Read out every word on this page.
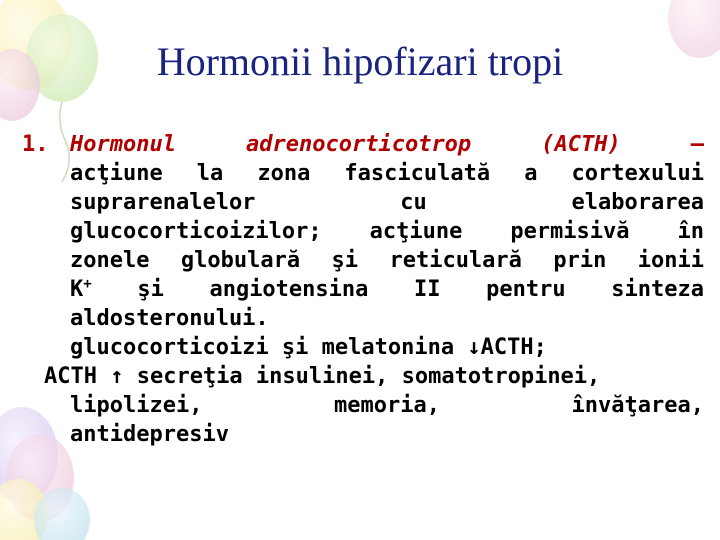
Hormonii hipofizari tropi
1. Hormonul adrenocorticotrop (ACTH)	–
acţiune la zona fasciculată a cortexului
suprarenalelor cu elaborarea
glucocorticoizilor; acţiune permisivă în
zonele globulară şi reticulară prin ionii
K+ şi angiotensina II pentru sinteza
aldosteronului.
glucocorticoizi şi melatonina ↓ACTH;
ACTH ↑ secreţia insulinei, somatotropinei,
lipolizei, memoria, învăţarea,
antidepresiv
